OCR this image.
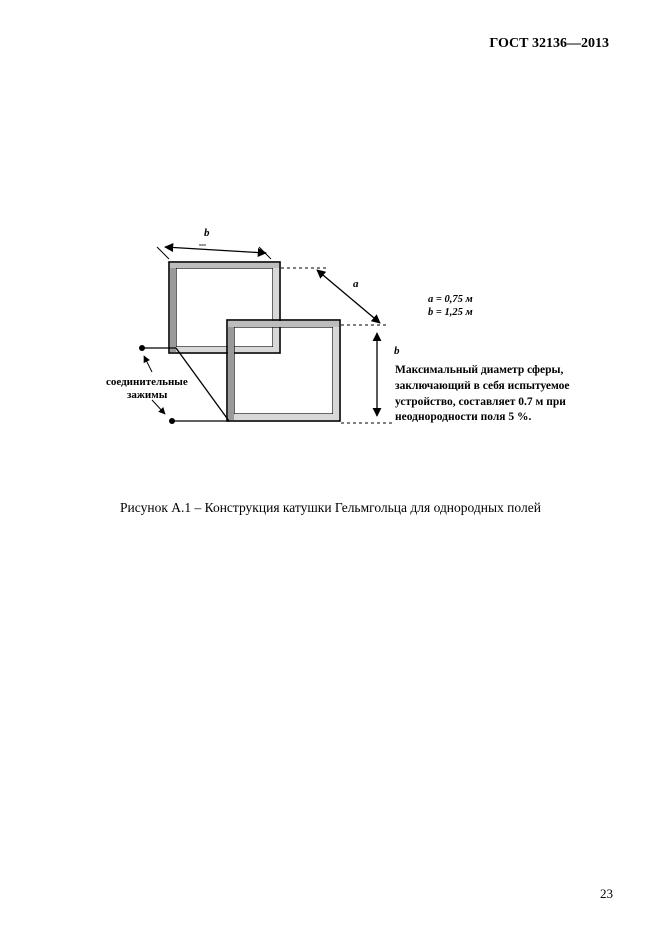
ГОСТ 32136—2013
b
a
b
a = 0,75 м
b = 1,25 м
соединительные
зажимы
Максимальный диаметр сферы,
заключающий в себя испытуемое
устройство, составляет 0.7 м при
неоднородности поля 5 %.
Рисунок А.1 – Конструкция катушки Гельмгольца для однородных полей
23
